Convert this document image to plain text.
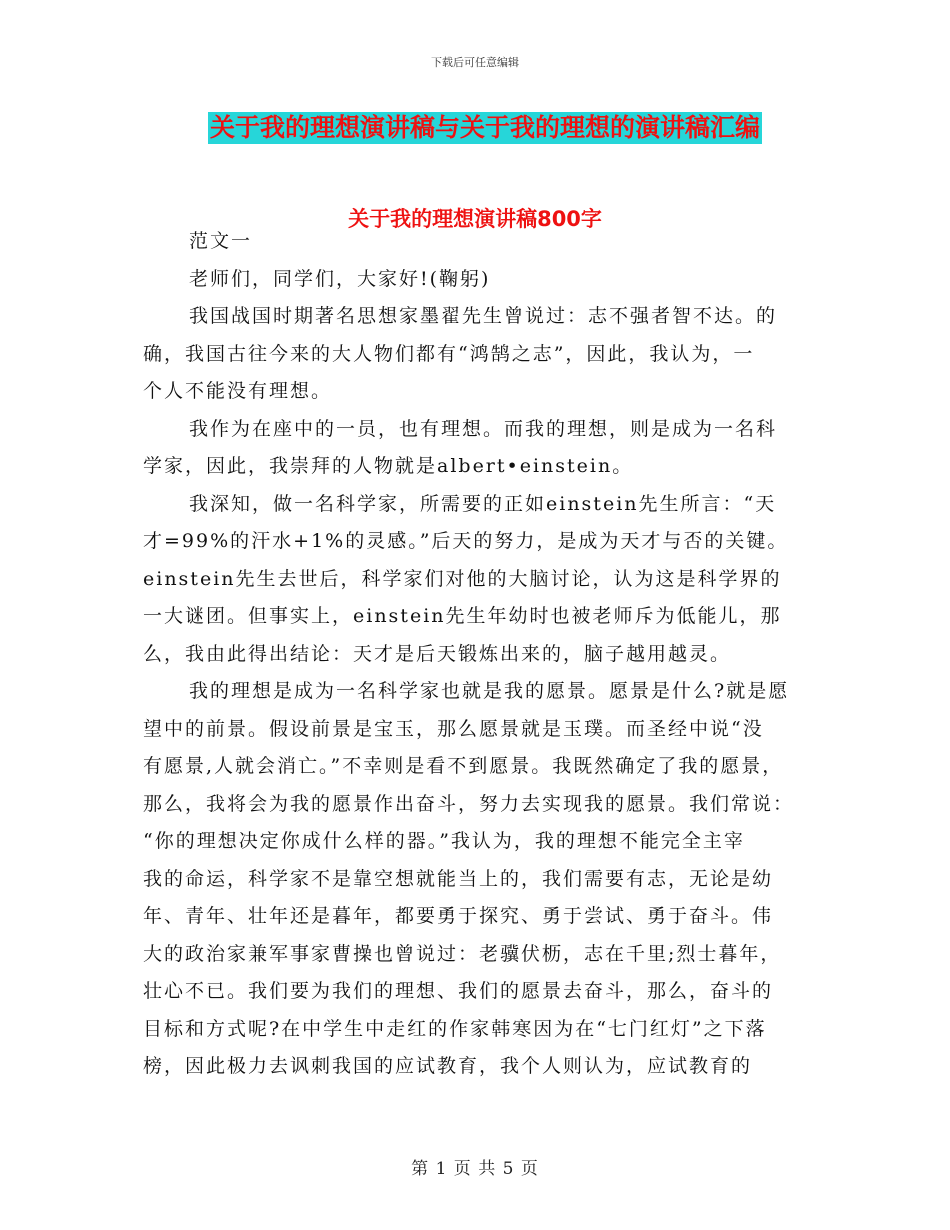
下载后可任意编辑
关于我的理想演讲稿与关于我的理想的演讲稿汇编
关于我的理想演讲稿800字

范文一

老师们，同学们，大家好!(鞠躬)

我国战国时期著名思想家墨翟先生曾说过：志不强者智不达。的
确，我国古往今来的大人物们都有“鸿鹄之志”，因此，我认为，一
个人不能没有理想。

我作为在座中的一员，也有理想。而我的理想，则是成为一名科
学家，因此，我崇拜的人物就是albert•einstein。

我深知，做一名科学家，所需要的正如einstein先生所言：“天
才=99%的汗水+1%的灵感。”后天的努力，是成为天才与否的关键。
einstein先生去世后，科学家们对他的大脑讨论，认为这是科学界的
一大谜团。但事实上，einstein先生年幼时也被老师斥为低能儿，那
么，我由此得出结论：天才是后天锻炼出来的，脑子越用越灵。

我的理想是成为一名科学家也就是我的愿景。愿景是什么?就是愿
望中的前景。假设前景是宝玉，那么愿景就是玉璞。而圣经中说“没
有愿景,人就会消亡。”不幸则是看不到愿景。我既然确定了我的愿景，
那么，我将会为我的愿景作出奋斗，努力去实现我的愿景。我们常说：
“你的理想决定你成什么样的器。”我认为，我的理想不能完全主宰
我的命运，科学家不是靠空想就能当上的，我们需要有志，无论是幼
年、青年、壮年还是暮年，都要勇于探究、勇于尝试、勇于奋斗。伟
大的政治家兼军事家曹操也曾说过：老骥伏枥，志在千里;烈士暮年，
壮心不已。我们要为我们的理想、我们的愿景去奋斗，那么，奋斗的
目标和方式呢?在中学生中走红的作家韩寒因为在“七门红灯”之下落
榜，因此极力去讽刺我国的应试教育，我个人则认为，应试教育的

第 1 页 共 5 页
